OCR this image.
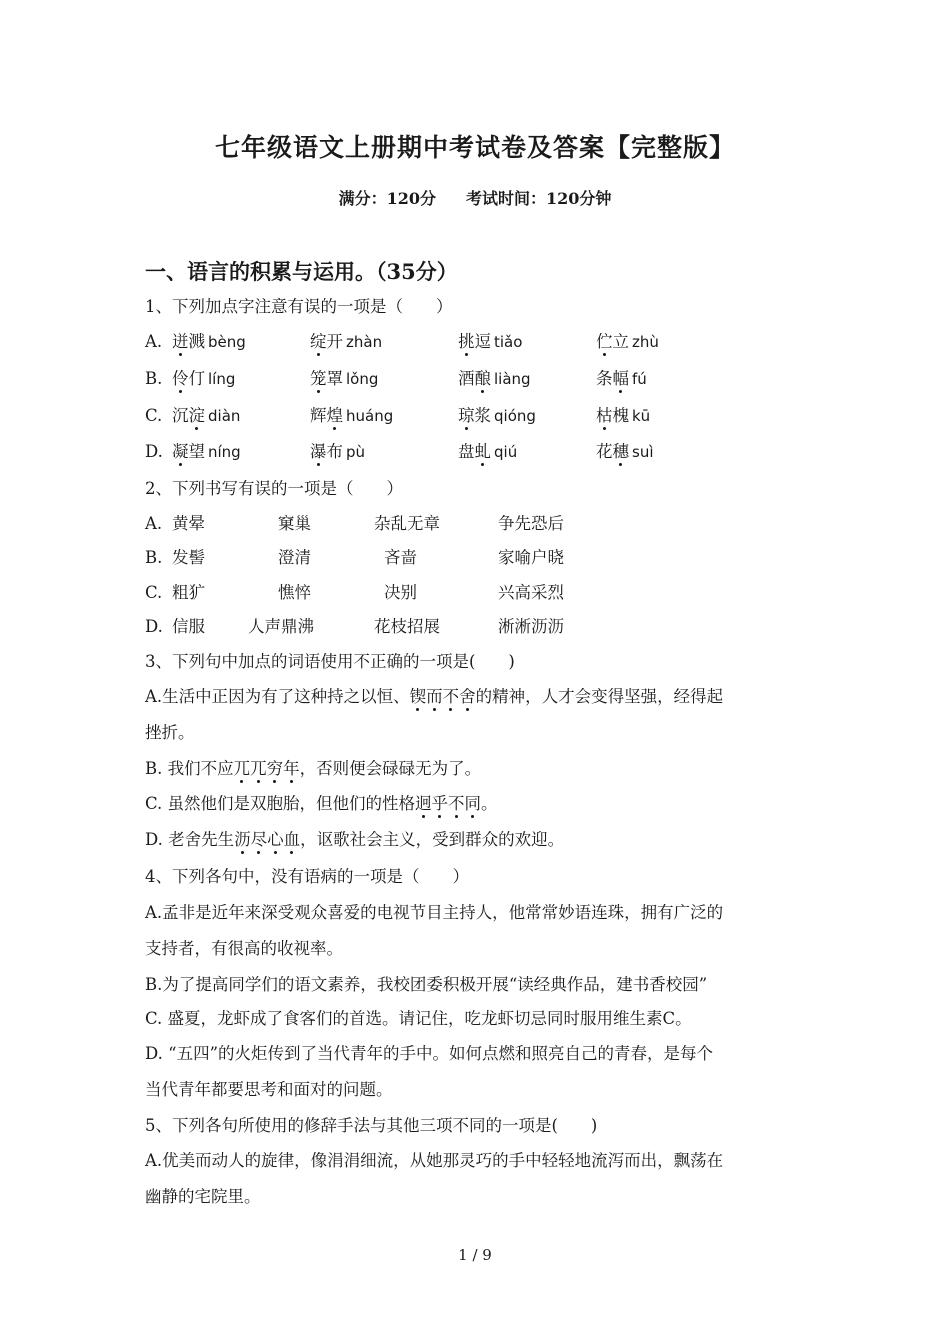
七年级语文上册期中考试卷及答案【完整版】
满分：120分 考试时间：120分钟
一、语言的积累与运用。（35分）
1、下列加点字注意有误的一项是（　　）
A. 迸溅 bèng	绽开 zhàn	挑逗 tiǎo	伫立 zhù
B. 伶仃 líng	笼罩 lǒng	酒酿 liàng	条幅 fú
C. 沉淀 diàn	辉煌 huáng	琼浆 qióng	枯槐 kū
D. 凝望 níng	瀑布 pù	盘虬 qiú	花穗 suì
2、下列书写有误的一项是（　　）
A. 黄晕	窠巢	杂乱无章	争先恐后
B. 发髻	澄清	吝啬	家喻户晓
C. 粗犷	憔悴	决别	兴高采烈
D. 信服	人声鼎沸	花枝招展	淅淅沥沥
3、下列句中加点的词语使用不正确的一项是(　　)
A.生活中正因为有了这种持之以恒、锲而不舍的精神，人才会变得坚强，经得起
挫折。
B. 我们不应兀兀穷年，否则便会碌碌无为了。
C. 虽然他们是双胞胎，但他们的性格迥乎不同。
D. 老舍先生沥尽心血，讴歌社会主义，受到群众的欢迎。
4、下列各句中，没有语病的一项是（　　）
A.孟非是近年来深受观众喜爱的电视节目主持人，他常常妙语连珠，拥有广泛的
支持者，有很高的收视率。
B.为了提高同学们的语文素养，我校团委积极开展“读经典作品，建书香校园”
C. 盛夏，龙虾成了食客们的首选。请记住，吃龙虾切忌同时服用维生素C。
D. “五四”的火炬传到了当代青年的手中。如何点燃和照亮自己的青春，是每个
当代青年都要思考和面对的问题。
5、下列各句所使用的修辞手法与其他三项不同的一项是(　　)
A.优美而动人的旋律，像涓涓细流，从她那灵巧的手中轻轻地流泻而出，飘荡在
幽静的宅院里。
1 / 9
